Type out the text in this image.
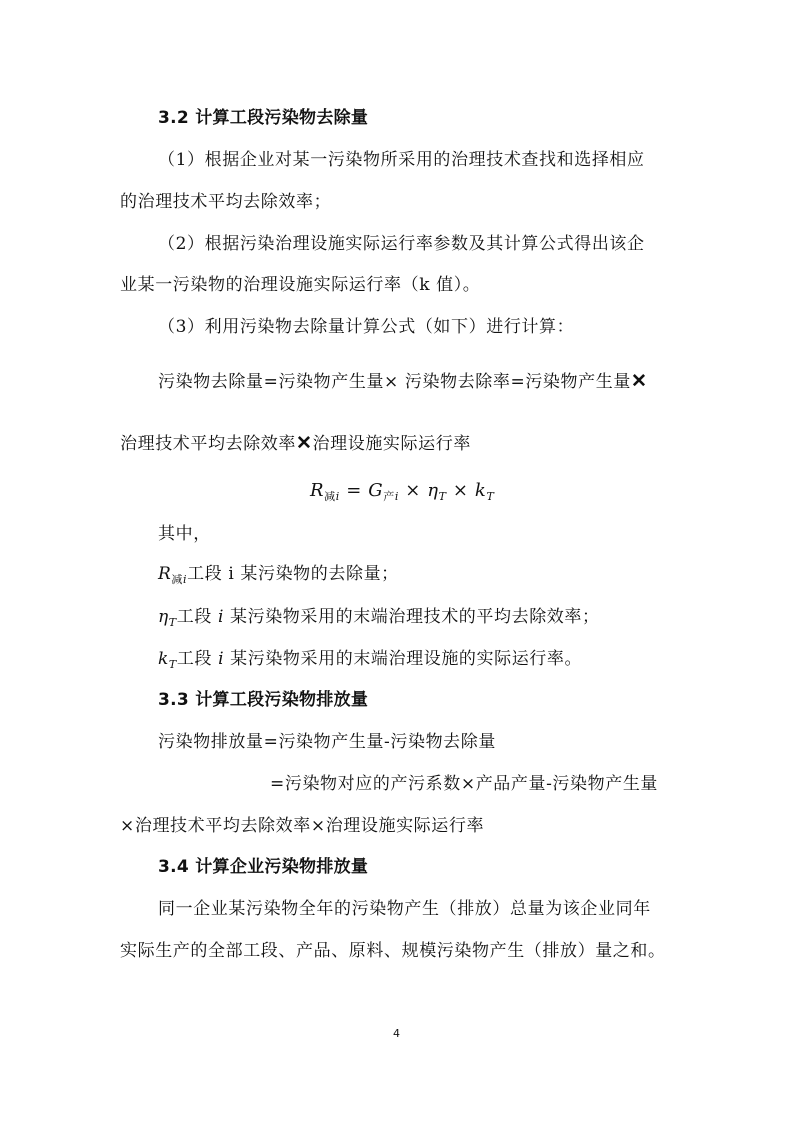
3.2 计算工段污染物去除量
（1）根据企业对某一污染物所采用的治理技术查找和选择相应
的治理技术平均去除效率；
（2）根据污染治理设施实际运行率参数及其计算公式得出该企
业某一污染物的治理设施实际运行率（k 值）。
（3）利用污染物去除量计算公式（如下）进行计算：
污染物去除量=污染物产生量× 污染物去除率=污染物产生量✕
治理技术平均去除效率✕治理设施实际运行率
$R_{减i} = G_{产i} \times \eta_T \times k_T$
其中，
$R_{减i}$工段 i 某污染物的去除量；
$\eta_T$工段 i 某污染物采用的末端治理技术的平均去除效率；
$k_T$工段 i 某污染物采用的末端治理设施的实际运行率。
3.3 计算工段污染物排放量
污染物排放量=污染物产生量-污染物去除量
=污染物对应的产污系数×产品产量-污染物产生量
×治理技术平均去除效率×治理设施实际运行率
3.4 计算企业污染物排放量
同一企业某污染物全年的污染物产生（排放）总量为该企业同年
实际生产的全部工段、产品、原料、规模污染物产生（排放）量之和。
4
